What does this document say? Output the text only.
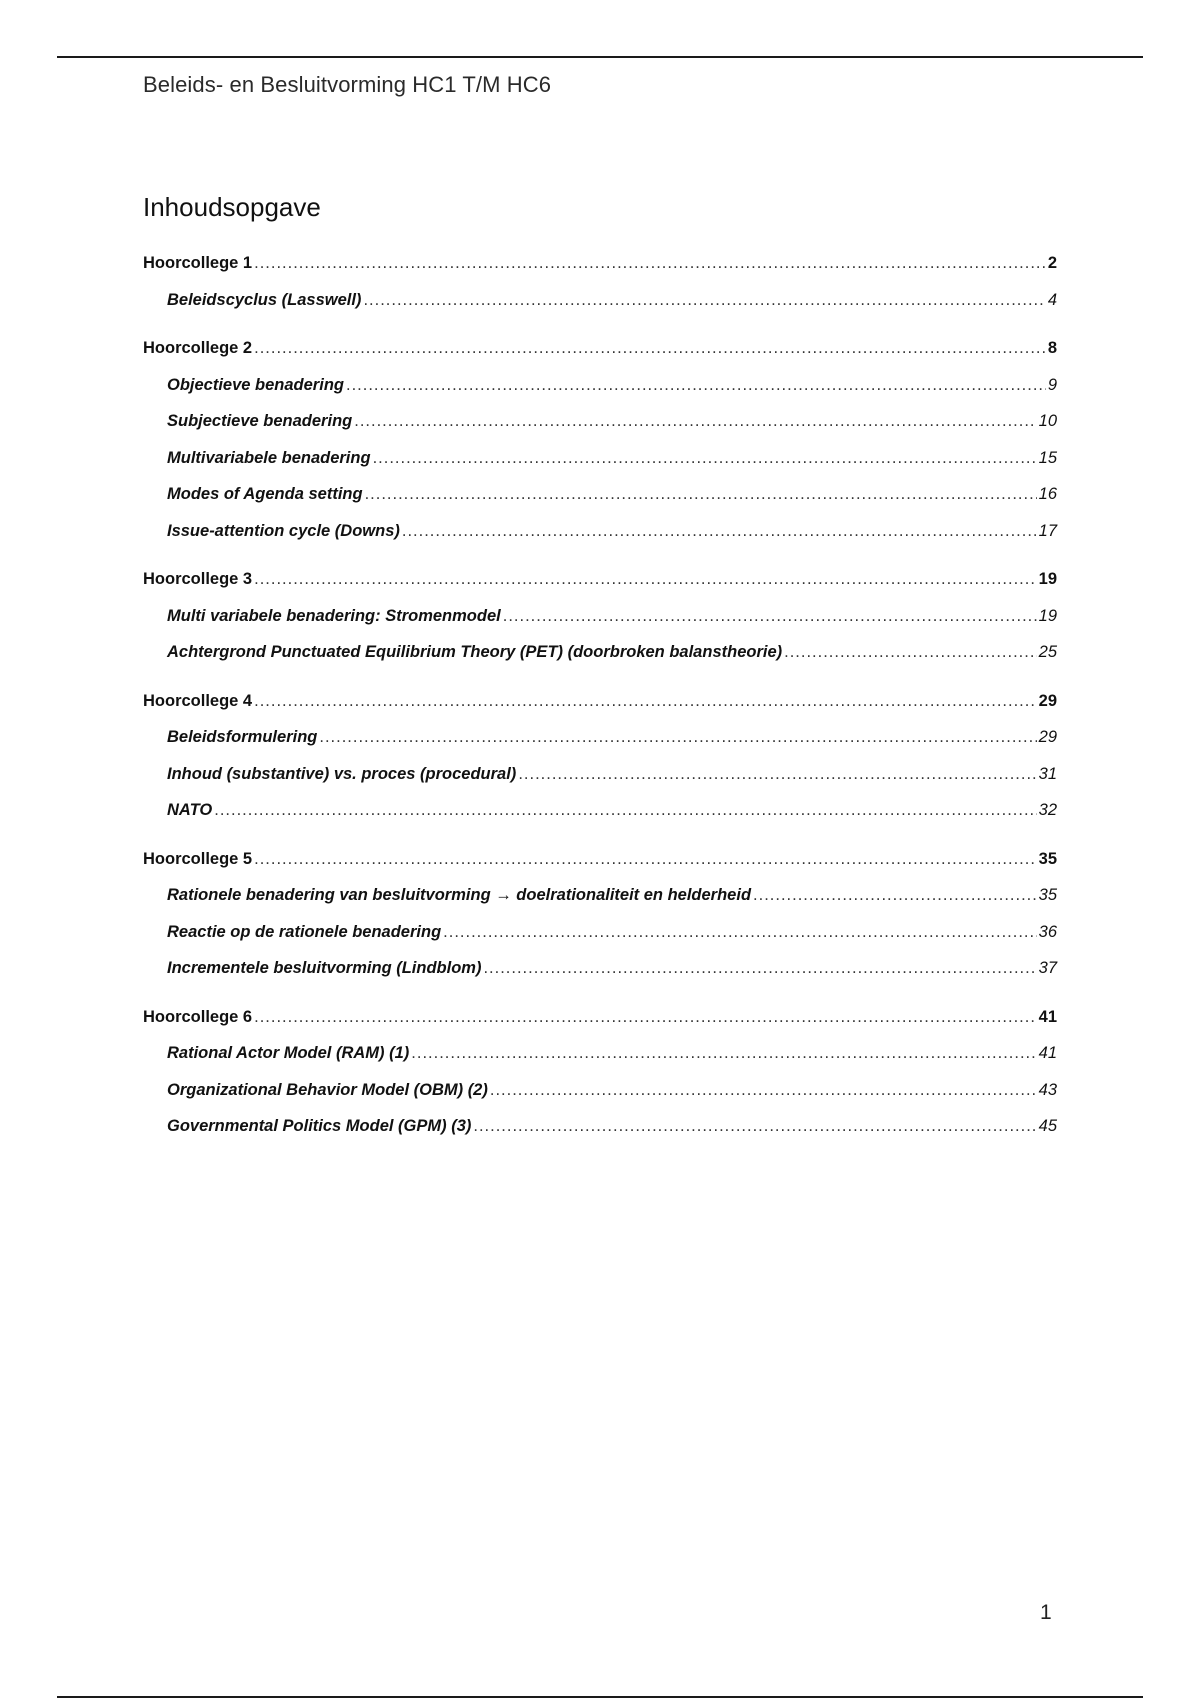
Beleids- en Besluitvorming HC1 T/M HC6
Inhoudsopgave
Hoorcollege 1 .....	2
Beleidscyclus (Lasswell) .....	4
Hoorcollege 2 .....	8
Objectieve benadering .....	9
Subjectieve benadering .....	10
Multivariabele benadering .....	15
Modes of Agenda setting .....	16
Issue-attention cycle (Downs) .....	17
Hoorcollege 3 .....	19
Multi variabele benadering: Stromenmodel .....	19
Achtergrond Punctuated Equilibrium Theory (PET) (doorbroken balanstheorie) .....	25
Hoorcollege 4 .....	29
Beleidsformulering .....	29
Inhoud (substantive) vs. proces (procedural) .....	31
NATO .....	32
Hoorcollege 5 .....	35
Rationele benadering van besluitvorming → doelrationaliteit en helderheid .....	35
Reactie op de rationele benadering .....	36
Incrementele besluitvorming (Lindblom) .....	37
Hoorcollege 6 .....	41
Rational Actor Model (RAM) (1) .....	41
Organizational Behavior Model (OBM) (2) .....	43
Governmental Politics Model (GPM) (3) .....	45
1
